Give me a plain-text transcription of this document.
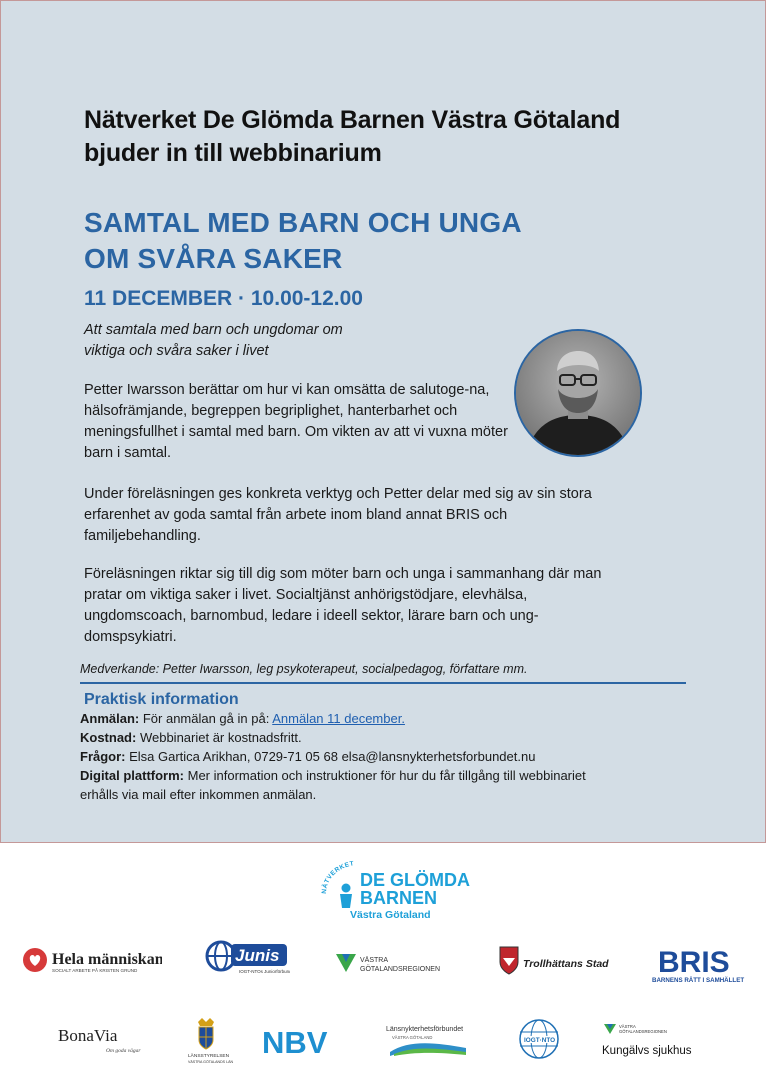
Nätverket De Glömda Barnen Västra Götaland
bjuder in till webbinarium
SAMTAL MED BARN OCH UNGA
OM SVÅRA SAKER
11 DECEMBER · 10.00-12.00
Att samtala med barn och ungdomar om
viktiga och svåra saker i livet
Petter Iwarsson berättar om hur vi kan omsätta de salutoge-na, hälsofrämjande, begreppen begriplighet, hanterbarhet och meningsfullhet i samtal med barn. Om vikten av att vi vuxna möter barn i samtal.
Under föreläsningen ges konkreta verktyg och Petter delar med sig av sin stora erfarenhet av goda samtal från arbete inom bland annat BRIS och familjebehandling.
Föreläsningen riktar sig till dig som möter barn och unga i sammanhang där man pratar om viktiga saker i livet. Socialtjänst anhörigstödjare, elevhälsa, ungdomscoach, barnombud, ledare i ideell sektor, lärare barn och ung-domspsykiatri.
Medverkande: Petter Iwarsson, leg psykoterapeut, socialpedagog, författare mm.
Praktisk information
Anmälan: För anmälan gå in på: Anmälan 11 december.
Kostnad: Webbinariet är kostnadsfritt.
Frågor: Elsa Gartica Arikhan, 0729-71 05 68 elsa@lansnykterhetsforbundet.nu
Digital plattform: Mer information och instruktioner för hur du får tillgång till webbinariet
erhålls via mail efter inkommen anmälan.
NÄTVERKET
DE GLÖMDA
BARNEN
Västra Götaland
Hela människan
SOCIALT ARBETE PÅ KRISTEN GRUND
Junis
IOGT-NTOs Juniorförbund
VÄSTRA
GÖTALANDSREGIONEN	Trollhättans Stad BRIS
BARNENS RÄTT I SAMHÄLLET
BonaVia
Om goda vägar
LÄNSSTYRELSEN
VÄSTRA GÖTALANDS LÄN
NBV	Länsnykterhetsförbundet
VÄSTRA GÖTALAND	IOGT·NTO
VÄSTRA
GÖTALANDSREGIONEN
Kungälvs sjukhus
